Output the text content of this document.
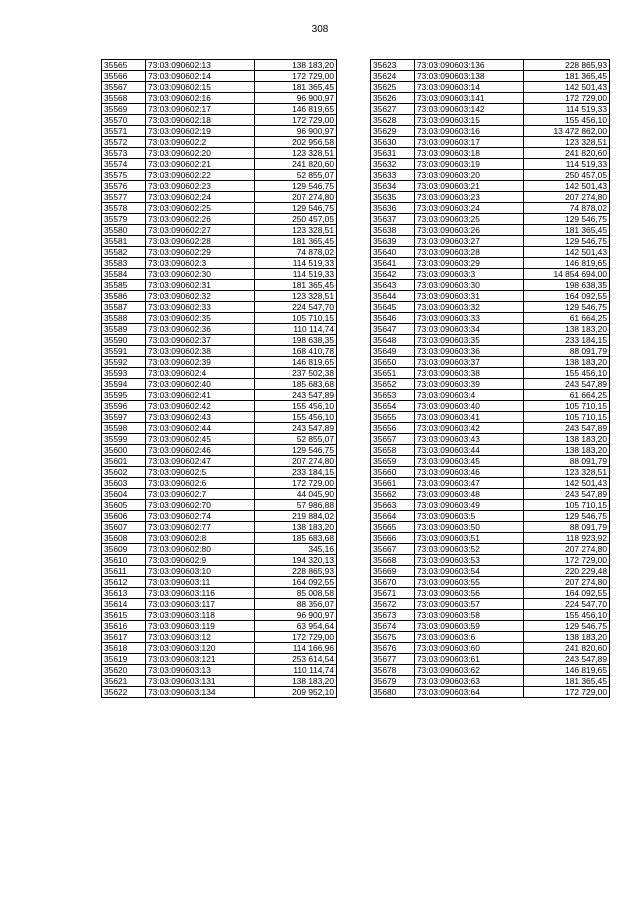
308
35565	73:03:090602:13	138 183,20
35566	73:03:090602:14	172 729,00
35567	73:03:090602:15	181 365,45
35568	73:03:090602:16	96 900,97
35569	73:03:090602:17	146 819,65
35570	73:03:090602:18	172 729,00
35571	73:03:090602:19	96 900,97
35572	73:03:090602:2	202 956,58
35573	73:03:090602:20	123 328,51
35574	73:03:090602:21	241 820,60
35575	73:03:090602:22	52 855,07
35576	73:03:090602:23	129 546,75
35577	73:03:090602:24	207 274,80
35578	73:03:090602:25	129 546,75
35579	73:03:090602:26	250 457,05
35580	73:03:090602:27	123 328,51
35581	73:03:090602:28	181 365,45
35582	73:03:090602:29	74 878,02
35583	73:03:090602:3	114 519,33
35584	73:03:090602:30	114 519,33
35585	73:03:090602:31	181 365,45
35586	73:03:090602:32	123 328,51
35587	73:03:090602:33	224 547,70
35588	73:03:090602:35	105 710,15
35589	73:03:090602:36	110 114,74
35590	73:03:090602:37	198 638,35
35591	73:03:090602:38	168 410,78
35592	73:03:090602:39	146 819,65
35593	73:03:090602:4	237 502,38
35594	73:03:090602:40	185 683,68
35595	73:03:090602:41	243 547,89
35596	73:03:090602:42	155 456,10
35597	73:03:090602:43	155 456,10
35598	73:03:090602:44	243 547,89
35599	73:03:090602:45	52 855,07
35600	73:03:090602:46	129 546,75
35601	73:03:090602:47	207 274,80
35602	73:03:090602:5	233 184,15
35603	73:03:090602:6	172 729,00
35604	73:03:090602:7	44 045,90
35605	73:03:090602:70	57 986,88
35606	73:03:090602:74	219 884,02
35607	73:03:090602:77	138 183,20
35608	73:03:090602:8	185 683,68
35609	73:03:090602:80	345,16
35610	73:03:090602:9	194 320,13
35611	73:03:090603:10	228 865,93
35612	73:03:090603:11	164 092,55
35613	73:03:090603:116	85 008,58
35614	73:03:090603:117	88 356,07
35615	73:03:090603:118	96 900,97
35616	73:03:090603:119	63 954,64
35617	73:03:090603:12	172 729,00
35618	73:03:090603:120	114 166,96
35619	73:03:090603:121	253 614,54
35620	73:03:090603:13	110 114,74
35621	73:03:090603:131	138 183,20
35622	73:03:090603:134	209 952,10
35623	73:03:090603:136	228 865,93
35624	73:03:090603:138	181 365,45
35625	73:03:090603:14	142 501,43
35626	73:03:090603:141	172 729,00
35627	73:03:090603:142	114 519,33
35628	73:03:090603:15	155 456,10
35629	73:03:090603:16	13 472 862,00
35630	73:03:090603:17	123 328,51
35631	73:03:090603:18	241 820,60
35632	73:03:090603:19	114 519,33
35633	73:03:090603:20	250 457,05
35634	73:03:090603:21	142 501,43
35635	73:03:090603:23	207 274,80
35636	73:03:090603:24	74 878,02
35637	73:03:090603:25	129 546,75
35638	73:03:090603:26	181 365,45
35639	73:03:090603:27	129 546,75
35640	73:03:090603:28	142 501,43
35641	73:03:090603:29	146 819,65
35642	73:03:090603:3	14 854 694,00
35643	73:03:090603:30	198 638,35
35644	73:03:090603:31	164 092,55
35645	73:03:090603:32	129 546,75
35646	73:03:090603:33	61 664,25
35647	73:03:090603:34	138 183,20
35648	73:03:090603:35	233 184,15
35649	73:03:090603:36	88 091,79
35650	73:03:090603:37	138 183,20
35651	73:03:090603:38	155 456,10
35652	73:03:090603:39	243 547,89
35653	73:03:090603:4	61 664,25
35654	73:03:090603:40	105 710,15
35655	73:03:090603:41	105 710,15
35656	73:03:090603:42	243 547,89
35657	73:03:090603:43	138 183,20
35658	73:03:090603:44	138 183,20
35659	73:03:090603:45	88 091,79
35660	73:03:090603:46	123 328,51
35661	73:03:090603:47	142 501,43
35662	73:03:090603:48	243 547,89
35663	73:03:090603:49	105 710,15
35664	73:03:090603:5	129 546,75
35665	73:03:090603:50	88 091,79
35666	73:03:090603:51	118 923,92
35667	73:03:090603:52	207 274,80
35668	73:03:090603:53	172 729,00
35669	73:03:090603:54	220 229,48
35670	73:03:090603:55	207 274,80
35671	73:03:090603:56	164 092,55
35672	73:03:090603:57	224 547,70
35673	73:03:090603:58	155 456,10
35674	73:03:090603:59	129 546,75
35675	73:03:090603:6	138 183,20
35676	73:03:090603:60	241 820,60
35677	73:03:090603:61	243 547,89
35678	73:03:090603:62	146 819,65
35679	73:03:090603:63	181 365,45
35680	73:03:090603:64	172 729,00
